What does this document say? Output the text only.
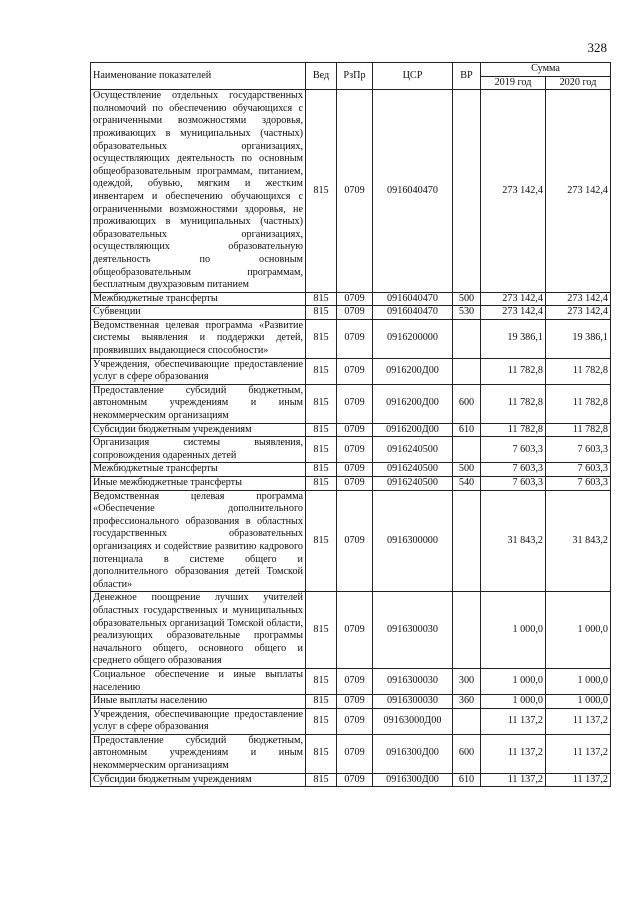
328
Наименование показателей	Вед	РзПр	ЦСР	ВР	Сумма	
					2019 год	2020 год
Осуществление отдельных государственных полномочий по обеспечению обучающихся с ограниченными возможностями здоровья, проживающих в муниципальных (частных) образовательных организациях, осуществляющих деятельность по основным общеобразовательным программам, питанием, одеждой, обувью, мягким и жестким инвентарем и обеспечению обучающихся с ограниченными возможностями здоровья, не проживающих в муниципальных (частных) образовательных организациях, осуществляющих образовательную деятельность по основным общеобразовательным программам, бесплатным двухразовым питанием	815	0709	0916040470		273 142,4	273 142,4
Межбюджетные трансферты	815	0709	0916040470	500	273 142,4	273 142,4
Субвенции	815	0709	0916040470	530	273 142,4	273 142,4
Ведомственная целевая программа «Развитие системы выявления и поддержки детей, проявивших выдающиеся способности»	815	0709	0916200000		19 386,1	19 386,1
Учреждения, обеспечивающие предоставление услуг в сфере образования	815	0709	0916200Д00		11 782,8	11 782,8
Предоставление субсидий бюджетным, автономным учреждениям и иным некоммерческим организациям	815	0709	0916200Д00	600	11 782,8	11 782,8
Субсидии бюджетным учреждениям	815	0709	0916200Д00	610	11 782,8	11 782,8
Организация системы выявления, сопровождения одаренных детей	815	0709	0916240500		7 603,3	7 603,3
Межбюджетные трансферты	815	0709	0916240500	500	7 603,3	7 603,3
Иные межбюджетные трансферты	815	0709	0916240500	540	7 603,3	7 603,3
Ведомственная целевая программа «Обеспечение дополнительного профессионального образования в областных государственных образовательных организациях и содействие развитию кадрового потенциала в системе общего и дополнительного образования детей Томской области»	815	0709	0916300000		31 843,2	31 843,2
Денежное поощрение лучших учителей областных государственных и муниципальных образовательных организаций Томской области, реализующих образовательные программы начального общего, основного общего и среднего общего образования	815	0709	0916300030		1 000,0	1 000,0
Социальное обеспечение и иные выплаты населению	815	0709	0916300030	300	1 000,0	1 000,0
Иные выплаты населению	815	0709	0916300030	360	1 000,0	1 000,0
Учреждения, обеспечивающие предоставление услуг в сфере образования	815	0709	09163000Д00		11 137,2	11 137,2
Предоставление субсидий бюджетным, автономным учреждениям и иным некоммерческим организациям	815	0709	0916300Д00	600	11 137,2	11 137,2
Субсидии бюджетным учреждениям	815	0709	0916300Д00	610	11 137,2	11 137,2
